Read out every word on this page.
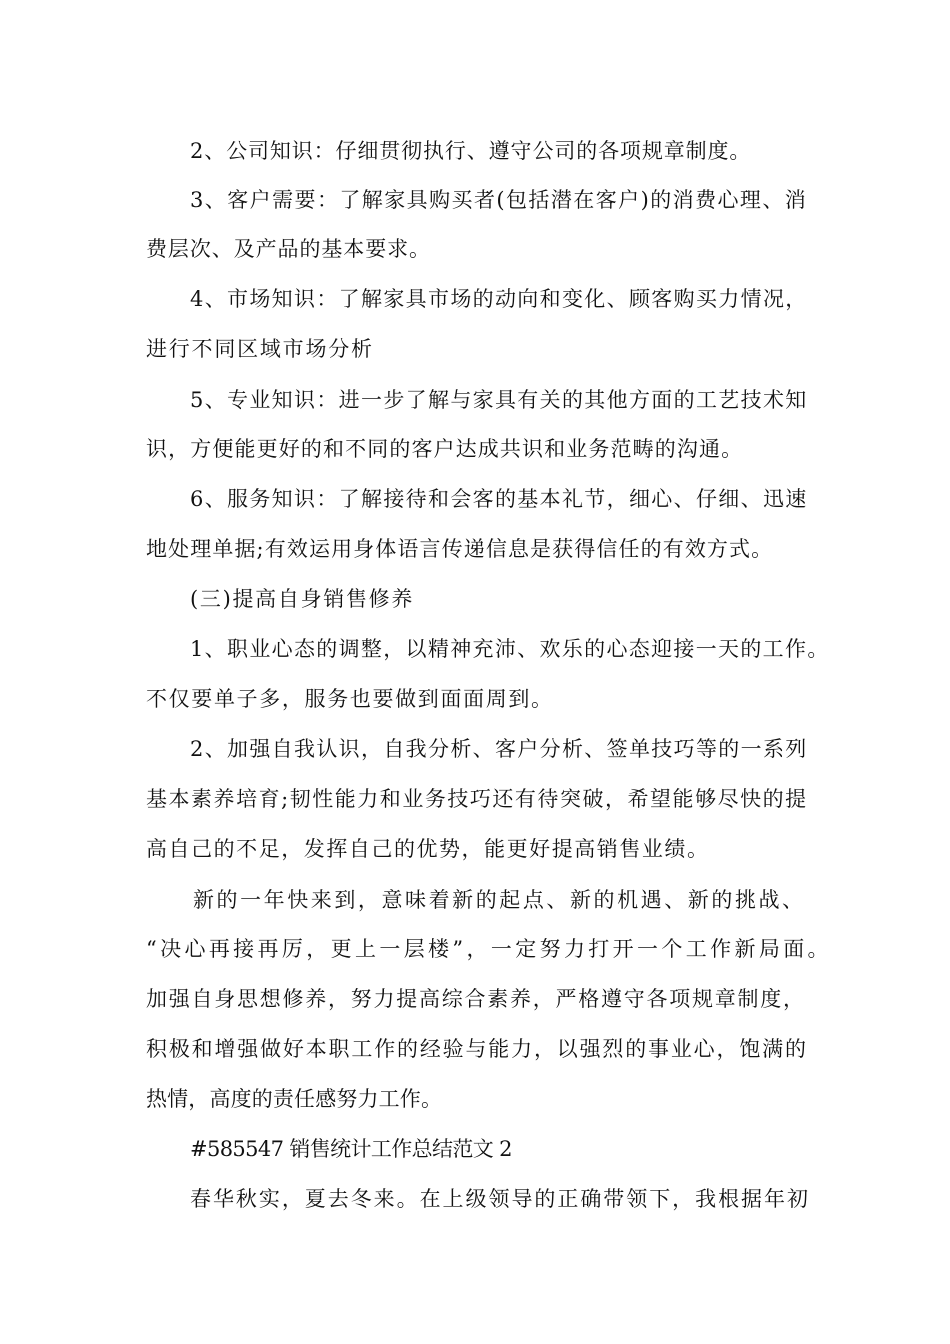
2、公司知识：仔细贯彻执行、遵守公司的各项规章制度。
3、客户需要：了解家具购买者(包括潜在客户)的消费心理、消
费层次、及产品的基本要求。
4、市场知识：了解家具市场的动向和变化、顾客购买力情况，
进行不同区域市场分析
5、专业知识：进一步了解与家具有关的其他方面的工艺技术知
识，方便能更好的和不同的客户达成共识和业务范畴的沟通。
6、服务知识：了解接待和会客的基本礼节，细心、仔细、迅速
地处理单据;有效运用身体语言传递信息是获得信任的有效方式。
(三)提高自身销售修养
1、职业心态的调整，以精神充沛、欢乐的心态迎接一天的工作。
不仅要单子多，服务也要做到面面周到。
2、加强自我认识，自我分析、客户分析、签单技巧等的一系列
基本素养培育;韧性能力和业务技巧还有待突破，希望能够尽快的提
高自己的不足，发挥自己的优势，能更好提高销售业绩。
新的一年快来到，意味着新的起点、新的机遇、新的挑战、
“决心再接再厉，更上一层楼”，一定努力打开一个工作新局面。
加强自身思想修养，努力提高综合素养，严格遵守各项规章制度，
积极和增强做好本职工作的经验与能力，以强烈的事业心，饱满的
热情，高度的责任感努力工作。
#585547 销售统计工作总结范文 2
春华秋实，夏去冬来。在上级领导的正确带领下，我根据年初
